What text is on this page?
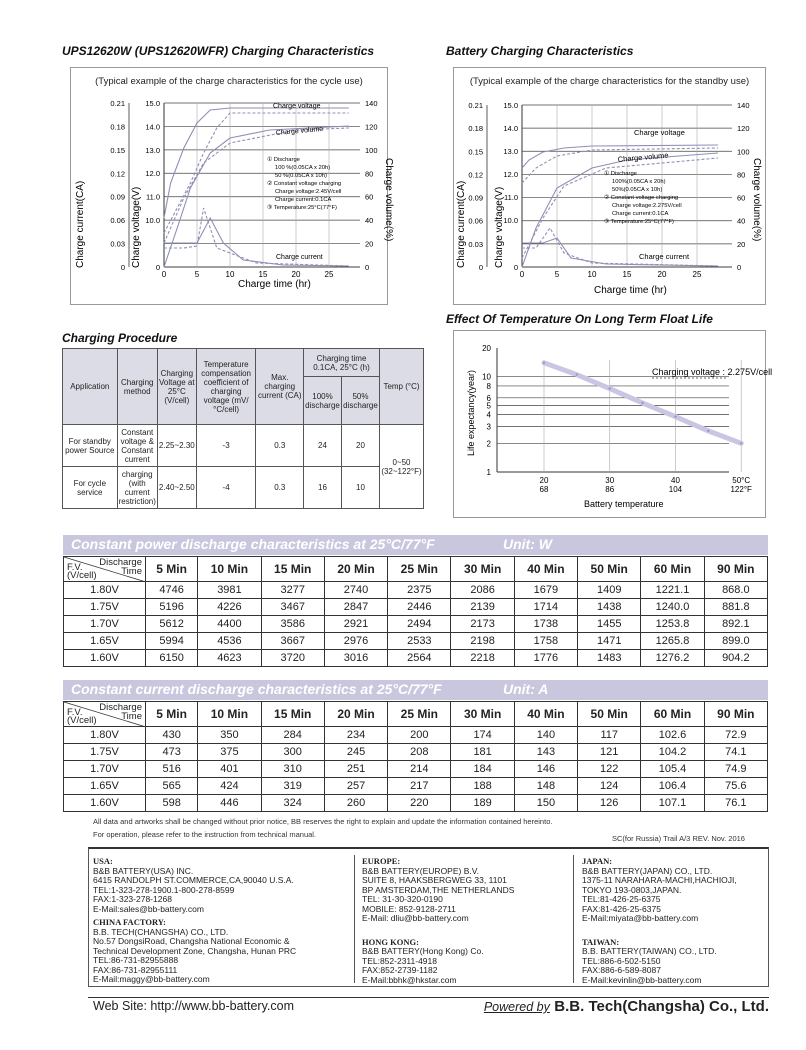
UPS12620W (UPS12620WFR) Charging Characteristics
(Typical example of the charge characteristics for the cycle use)
0.21	140
0.18	120
0.15	100
0.12	80
0.09	60
0.06	40
0.03	20
0	0
15.0
14.0
13.0
12.0
11.0
10.0
0
0	5	10	15	20	25
Charge current(CA)	Charge voltage(V)	Charge volume(%)
Charge time (hr)
Charge voltage
Charge volume
Charge current
① Discharge
100 %(0.05CA x 20h)
50 %(0.05CA x 10h)
② Constant voltage charging
Charge voltage:2.45V/cell
Charge current:0.1CA
③ Temperature:25°C(77°F)
Battery Charging Characteristics
(Typical example of the charge characteristics for the standby use)
0.21	140
0.18	120
0.15	100
0.12	80
0.09	60
0.06	40
0.03	20
0	0
15.0
14.0
13.0
12.0
11.0
10.0
0
0	5	10	15	20	25
Charge current(CA)	Charge voltage(V)	Charge volume(%)
Charge time (hr)
Charge voltage
Charge volume
Charge current
① Discharge
100%(0.05CA x 20h)
50%(0.05CA x 10h)
② Constant voltage charging
Charge voltage:2.275V/cell
Charge current:0.1CA
③ Temperature:25°C(77°F)
Charging Procedure
Application	Charging method	Charging Voltage at 25°C (V/cell)	Temperature compensation coefficient of charging voltage (mV/°C/cell)	Max. charging current (CA)	Charging time 0.1CA, 25°C (h)		Temp (°C)
					100% discharge	50% discharge	
For standby power Source	Constant voltage & Constant current	2.25~2.30	-3	0.3	24	20	0~50 (32~122°F)
For cycle service	charging (with current restriction)	2.40~2.50	-4	0.3	16	10	
Effect Of Temperature On Long Term Float Life
20
10
8
6
5
4
3
2
1
20
68
30
86
40
104
50°C
122°F
Life expectancy(year)
Battery temperature
Charging voltage : 2.275V/cell
Constant power discharge characteristics at 25°C/77°F	Unit: W
Discharge Time
F.V. (V/cell)	5 Min	10 Min	15 Min	20 Min	25 Min	30 Min	40 Min	50 Min	60 Min	90 Min
1.80V	4746	3981	3277	2740	2375	2086	1679	1409	1221.1	868.0
1.75V	5196	4226	3467	2847	2446	2139	1714	1438	1240.0	881.8
1.70V	5612	4400	3586	2921	2494	2173	1738	1455	1253.8	892.1
1.65V	5994	4536	3667	2976	2533	2198	1758	1471	1265.8	899.0
1.60V	6150	4623	3720	3016	2564	2218	1776	1483	1276.2	904.2
Constant current discharge characteristics at 25°C/77°F	Unit: A
Discharge Time
F.V. (V/cell)	5 Min	10 Min	15 Min	20 Min	25 Min	30 Min	40 Min	50 Min	60 Min	90 Min
1.80V	430	350	284	234	200	174	140	117	102.6	72.9
1.75V	473	375	300	245	208	181	143	121	104.2	74.1
1.70V	516	401	310	251	214	184	146	122	105.4	74.9
1.65V	565	424	319	257	217	188	148	124	106.4	75.6
1.60V	598	446	324	260	220	189	150	126	107.1	76.1
All data and artworks shall be changed without prior notice, BB reserves the right to explain and update the information contained hereinto.
For operation, please refer to the instruction from technical manual.	SC(for Russia) Trail A/3 REV. Nov. 2016
USA:
B&B BATTERY(USA) INC.
6415 RANDOLPH ST.COMMERCE,CA,90040 U.S.A.
TEL:1-323-278-1900.1-800-278-8599
FAX:1-323-278-1268
E-Mail:sales@bb-battery.com
CHINA FACTORY:
B.B. TECH(CHANGSHA) CO., LTD.
No.57 DongsiRoad, Changsha National Economic &
Technical Development Zone, Changsha, Hunan PRC
TEL:86-731-82955888
FAX:86-731-82955111
E-Mail:maggy@bb-battery.com
EUROPE:
B&B BATTERY(EUROPE) B.V.
SUITE 8, HAAKSBERGWEG 33, 1101
BP AMSTERDAM,THE NETHERLANDS
TEL: 31-30-320-0190
MOBILE: 852-9128-2711
E-Mail: dliu@bb-battery.com
HONG KONG:
B&B BATTERY(Hong Kong) Co.
TEL:852-2311-4918
FAX:852-2739-1182
E-Mail:bbhk@hkstar.com
JAPAN:
B&B BATTERY(JAPAN) CO., LTD.
1375-11 NARAHARA-MACHI,HACHIOJI,
TOKYO 193-0803,JAPAN.
TEL:81-426-25-6375
FAX:81-426-25-6375
E-Mail:miyata@bb-battery.com
TAIWAN:
B.B. BATTERY(TAIWAN) CO., LTD.
TEL:886-6-502-5150
FAX:886-6-589-8087
E-Mail:kevinlin@bb-battery.com
Web Site: http://www.bb-battery.com	Powered by B.B. Tech(Changsha) Co., Ltd.
